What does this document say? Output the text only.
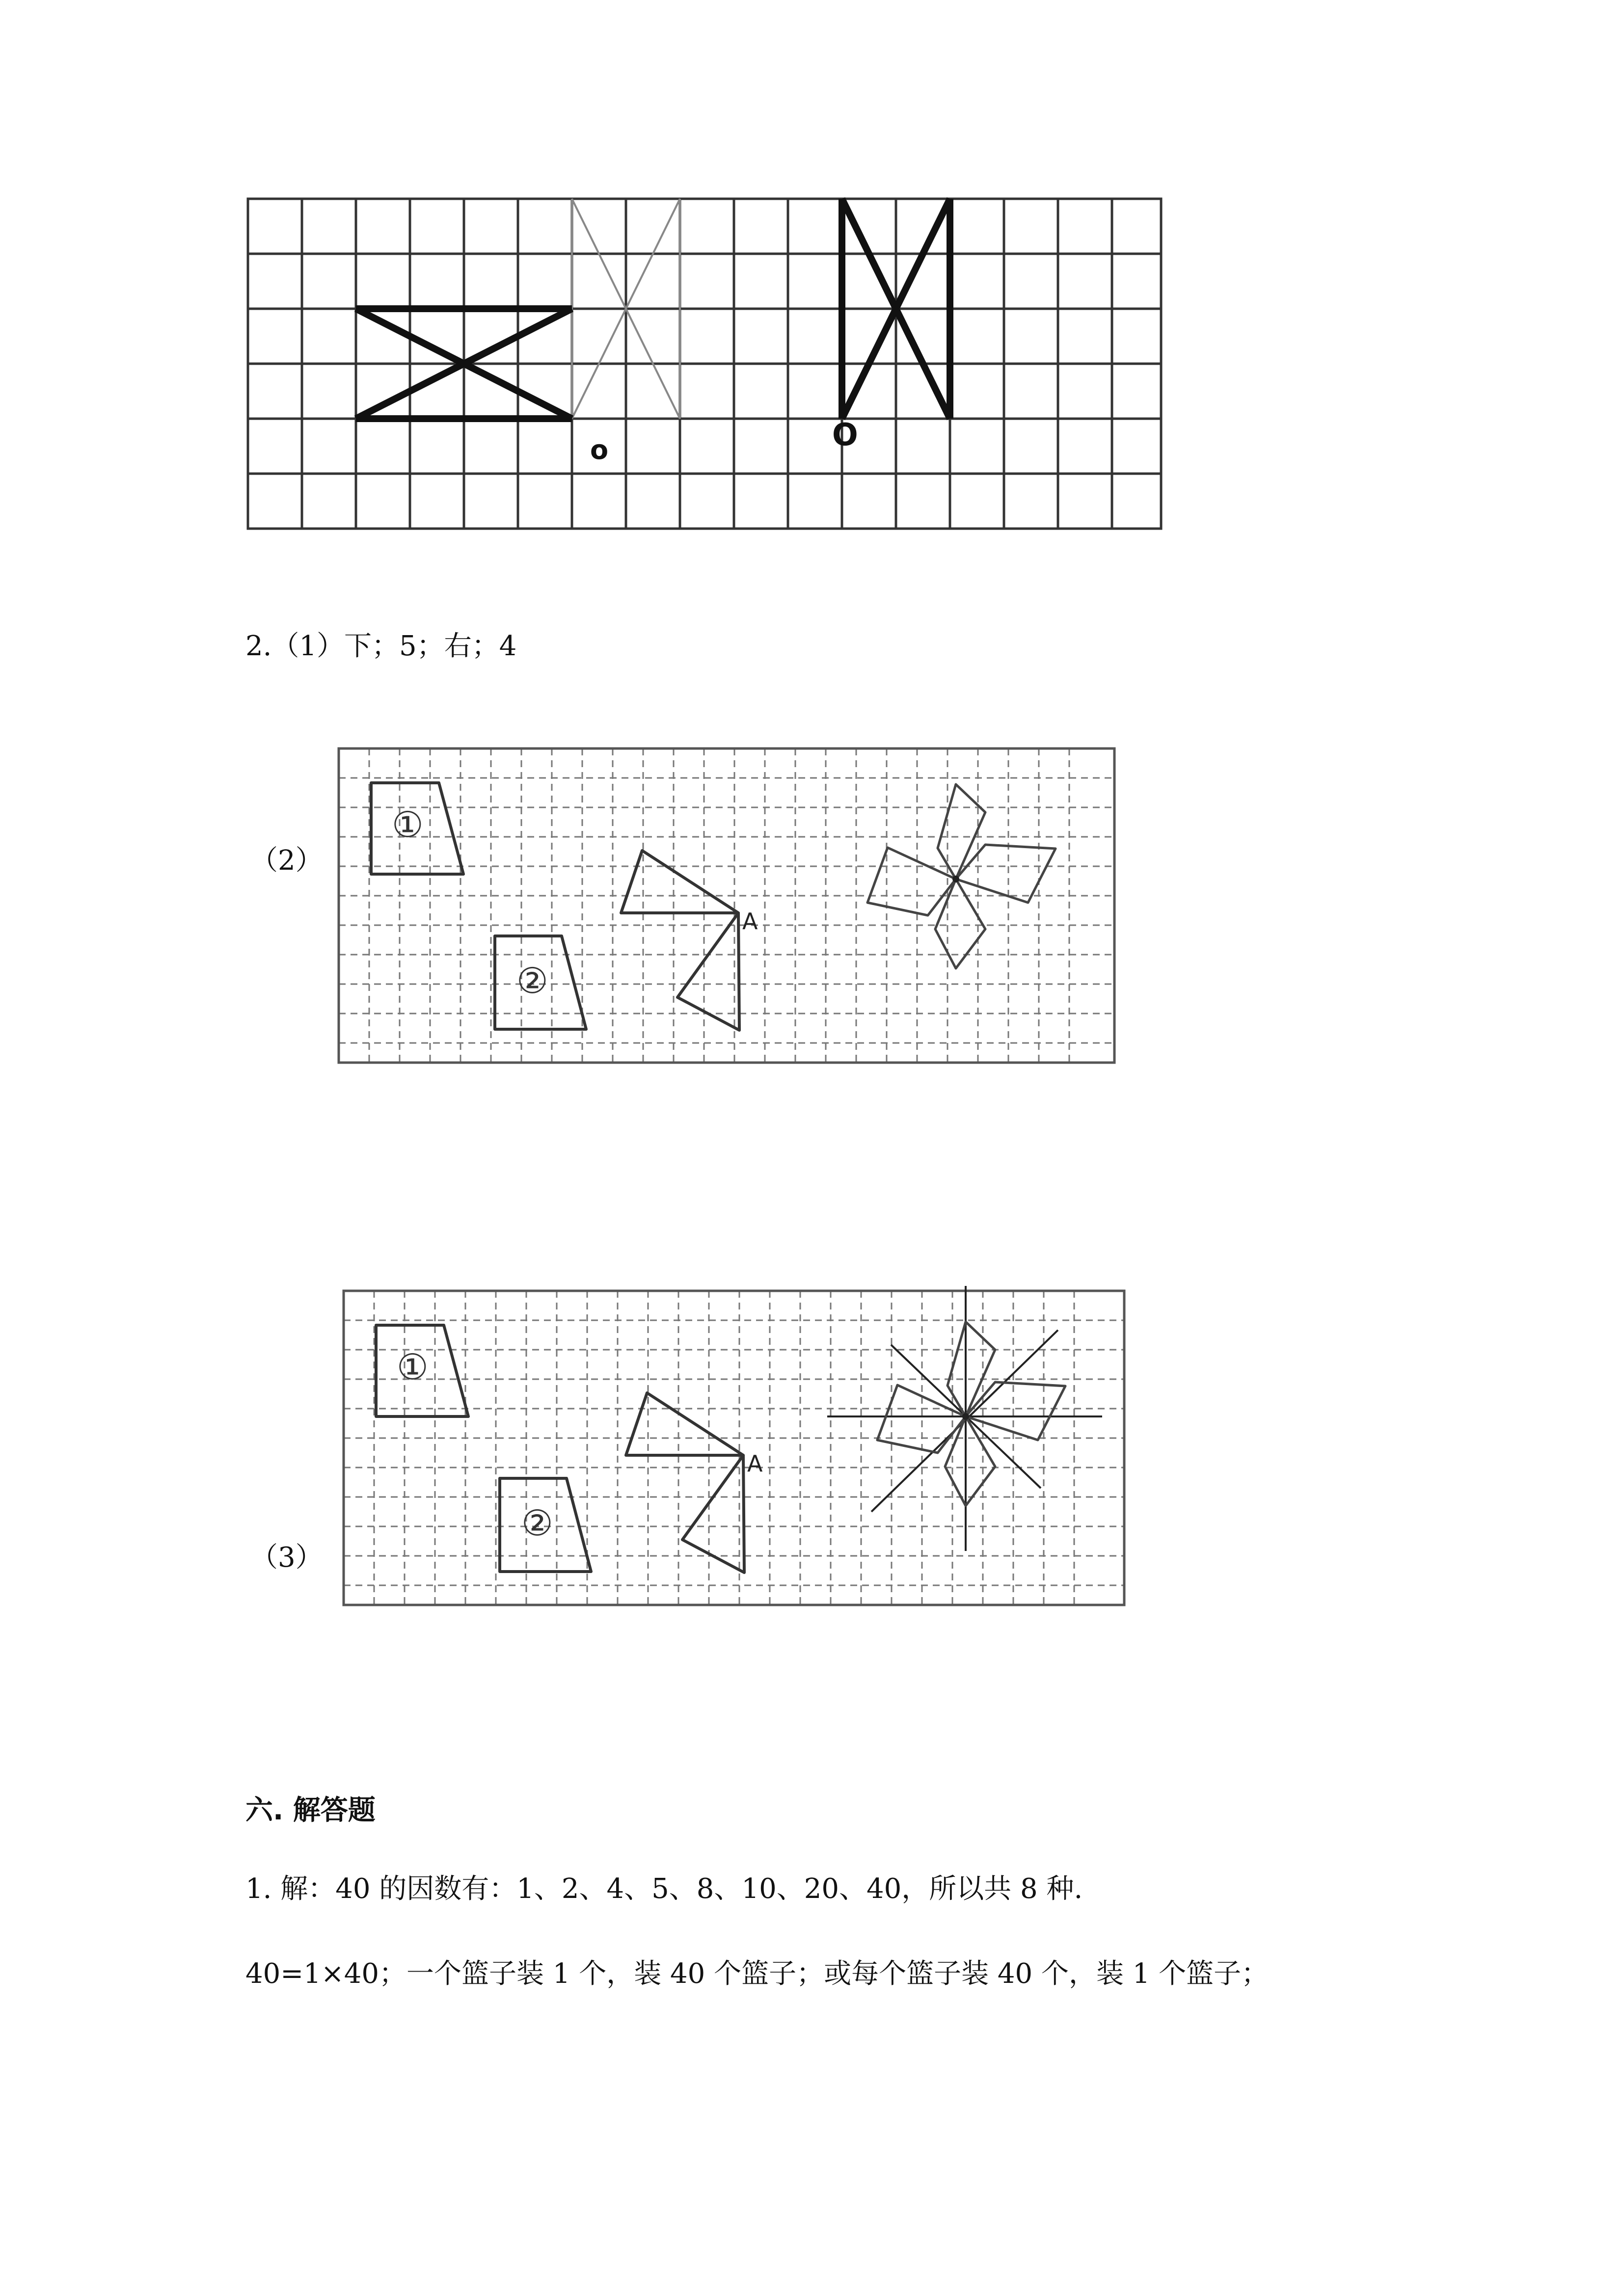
o	O
2.（1）下；5；右；4
（2）
①
②
A
①
②
A
（3）
六. 解答题
1. 解：40 的因数有：1、2、4、5、8、10、20、40，所以共 8 种.
40=1×40；一个篮子装 1 个，装 40 个篮子；或每个篮子装 40 个，装 1 个篮子；
